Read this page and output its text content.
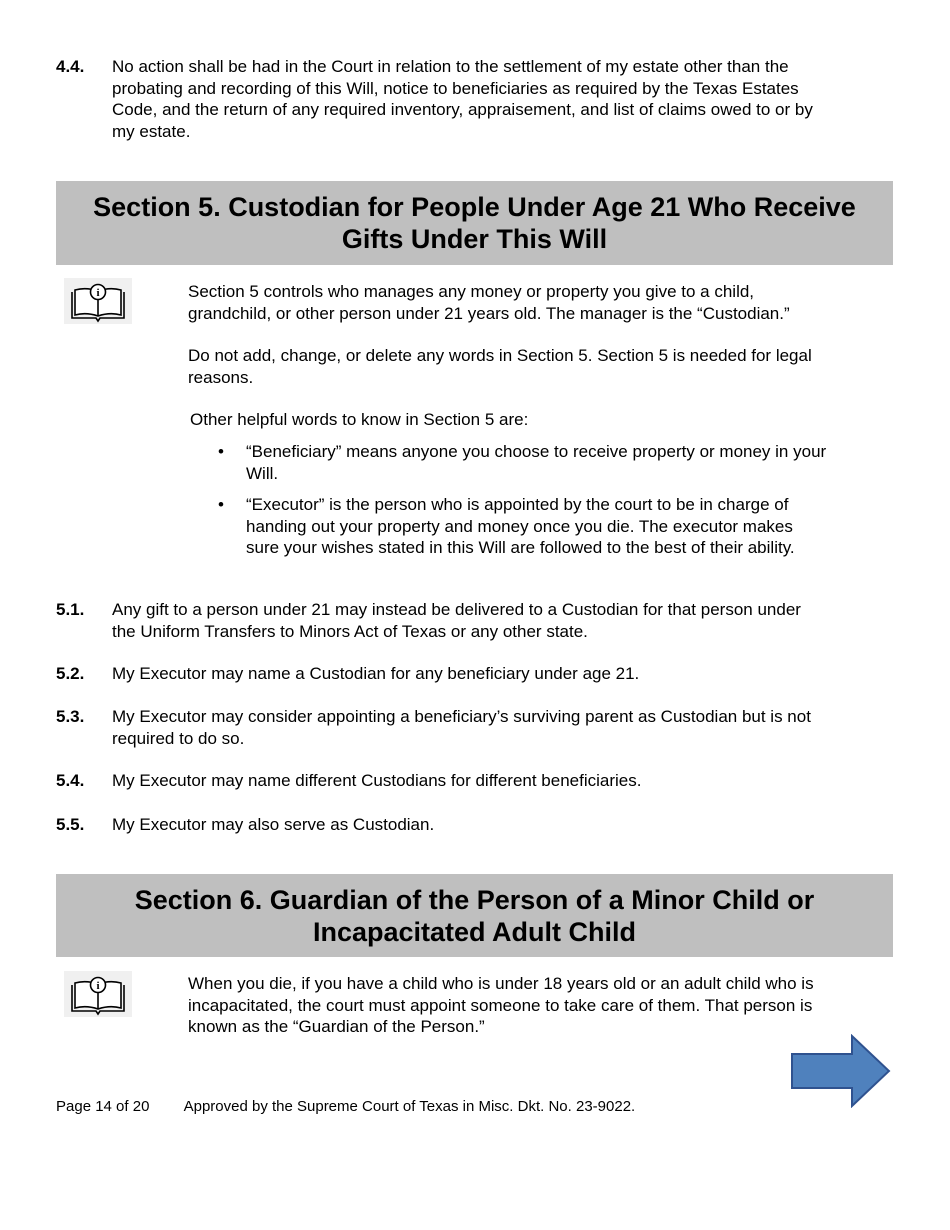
4.4. No action shall be had in the Court in relation to the settlement of my estate other than the
probating and recording of this Will, notice to beneficiaries as required by the Texas Estates
Code, and the return of any required inventory, appraisement, and list of claims owed to or by
my estate.
Section 5. Custodian for People Under Age 21 Who Receive
Gifts Under This Will
i	Section 5 controls who manages any money or property you give to a child,
grandchild, or other person under 21 years old. The manager is the “Custodian.”
Do not add, change, or delete any words in Section 5. Section 5 is needed for legal
reasons.
Other helpful words to know in Section 5 are:
• “Beneficiary” means anyone you choose to receive property or money in your
Will.
• “Executor” is the person who is appointed by the court to be in charge of
handing out your property and money once you die. The executor makes
sure your wishes stated in this Will are followed to the best of their ability.
5.1. Any gift to a person under 21 may instead be delivered to a Custodian for that person under
the Uniform Transfers to Minors Act of Texas or any other state.
5.2. My Executor may name a Custodian for any beneficiary under age 21.
5.3. My Executor may consider appointing a beneficiary’s surviving parent as Custodian but is not
required to do so.
5.4. My Executor may name different Custodians for different beneficiaries.
5.5. My Executor may also serve as Custodian.
Section 6. Guardian of the Person of a Minor Child or
Incapacitated Adult Child
i	When you die, if you have a child who is under 18 years old or an adult child who is
incapacitated, the court must appoint someone to take care of them. That person is
known as the “Guardian of the Person.”
Page 14 of 20 Approved by the Supreme Court of Texas in Misc. Dkt. No. 23-9022.
